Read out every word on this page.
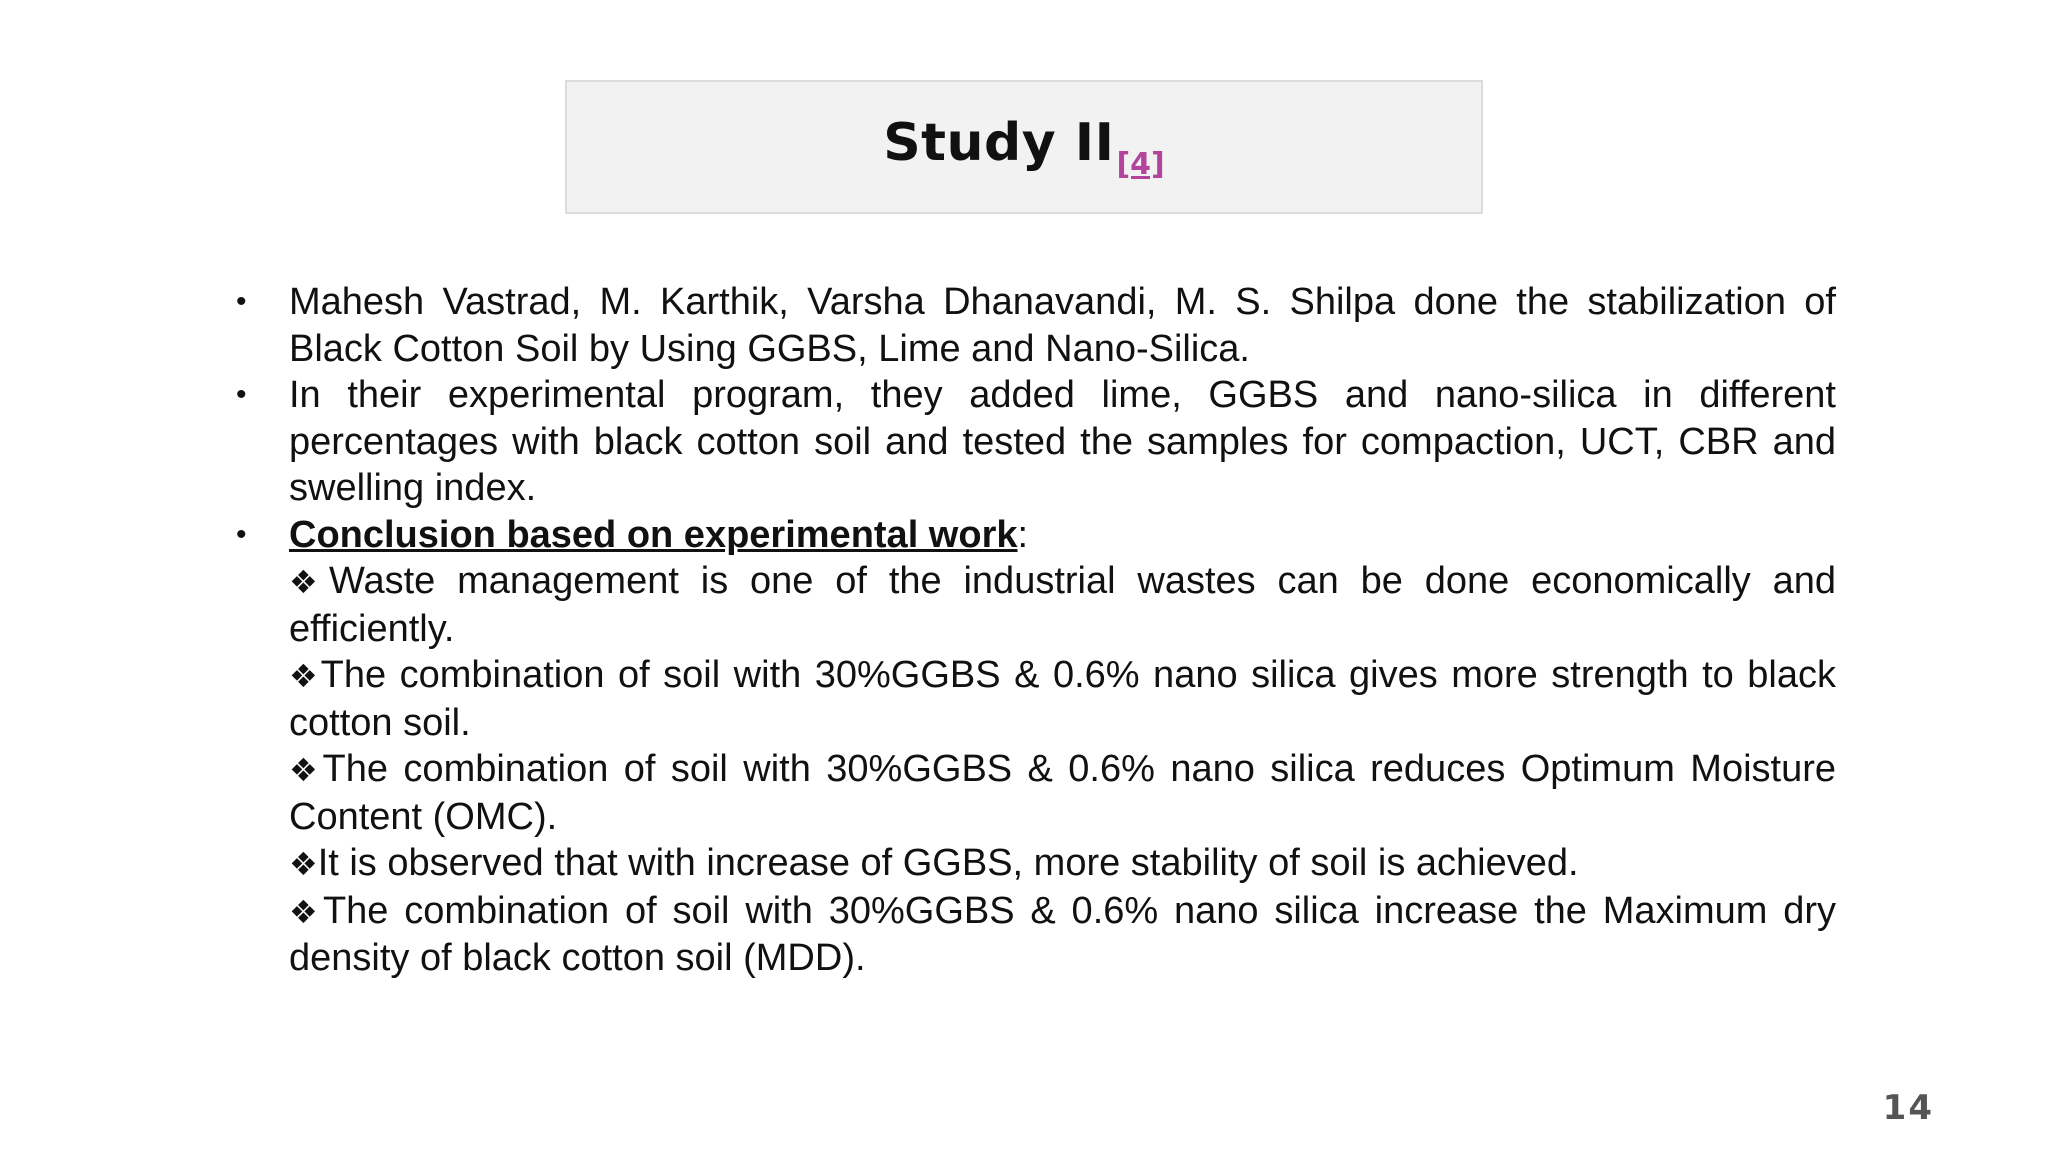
Study II[4]
• Mahesh Vastrad, M. Karthik, Varsha Dhanavandi, M. S. Shilpa done the stabilization of Black Cotton Soil by Using GGBS, Lime and Nano-Silica.
• In their experimental program, they added lime, GGBS and nano-silica in different percentages with black cotton soil and tested the samples for compaction, UCT, CBR and swelling index.
• Conclusion based on experimental work:
❖Waste management is one of the industrial wastes can be done economically and efficiently.
❖The combination of soil with 30%GGBS & 0.6% nano silica gives more strength to black cotton soil.
❖The combination of soil with 30%GGBS & 0.6% nano silica reduces Optimum Moisture Content (OMC).
❖It is observed that with increase of GGBS, more stability of soil is achieved.
❖The combination of soil with 30%GGBS & 0.6% nano silica increase the Maximum dry density of black cotton soil (MDD).
14
